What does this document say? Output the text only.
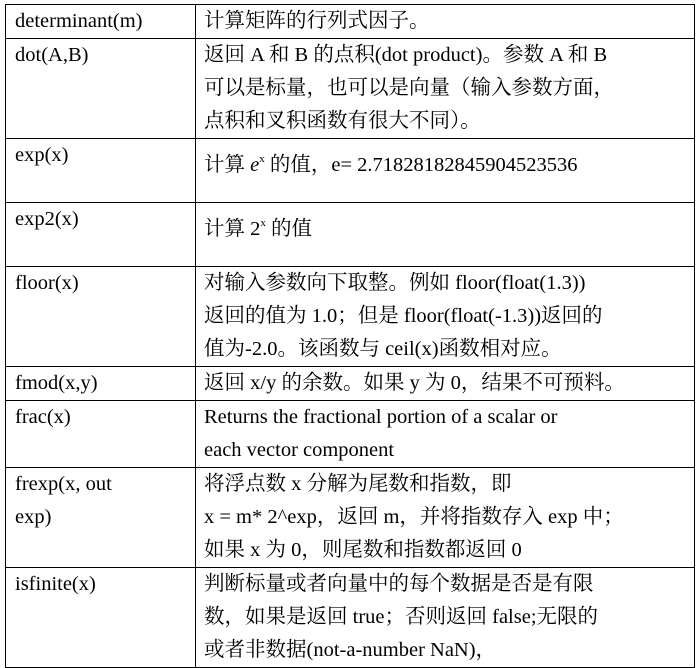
determinant(m)	计算矩阵的行列式因子。

dot(A,B)	返回 A 和 B 的点积(dot product)。参数 A 和 B
可以是标量，也可以是向量（输入参数方面，
点积和叉积函数有很大不同）。

exp(x)	计算 $e^x$ 的值，e= 2.71828182845904523536

exp2(x)	计算 2$^x$ 的值

floor(x)	对输入参数向下取整。例如 floor(float(1.3))
返回的值为 1.0；但是 floor(float(-1.3))返回的
值为-2.0。该函数与 ceil(x)函数相对应。

fmod(x,y)	返回 x/y 的余数。如果 y 为 0，结果不可预料。

frac(x)	Returns the fractional portion of a scalar or
each vector component

frexp(x, out
exp)	将浮点数 x 分解为尾数和指数，即
x = m* 2^exp，返回 m，并将指数存入 exp 中；
如果 x 为 0，则尾数和指数都返回 0

isfinite(x)	判断标量或者向量中的每个数据是否是有限
数，如果是返回 true；否则返回 false;无限的
或者非数据(not-a-number NaN)，
